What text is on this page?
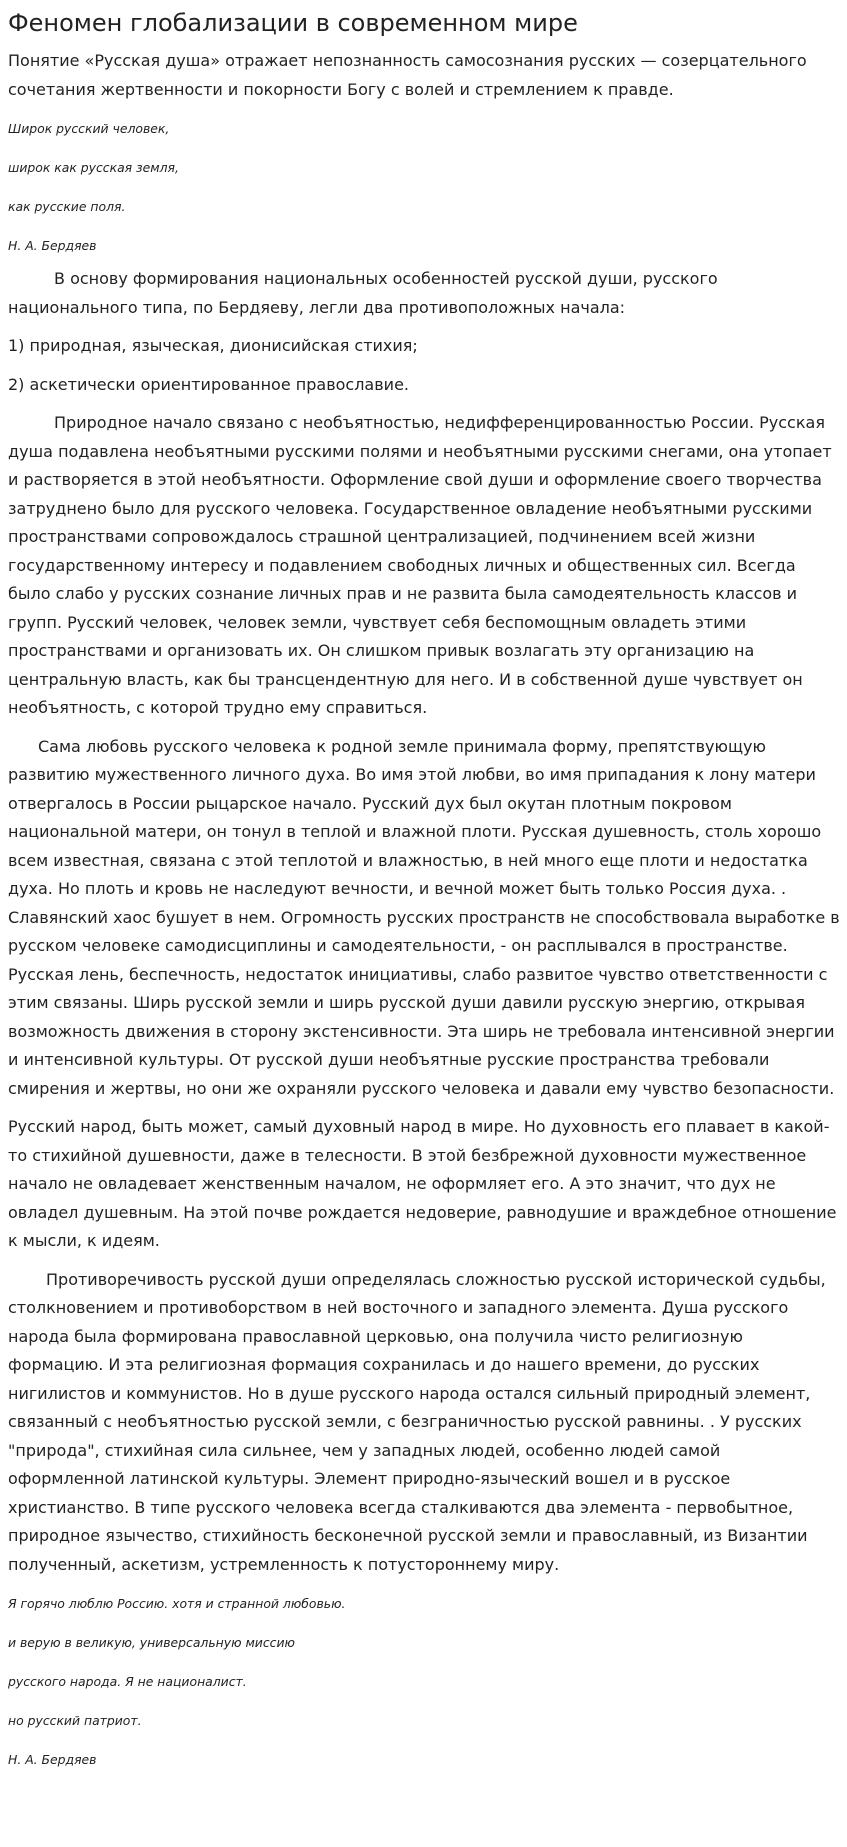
Феномен глобализации в современном мире

Понятие «Русская душа» отражает непознанность самосознания русских — созерцательного сочетания жертвенности и покорности Богу с волей и стремлением к правде.

Широк русский человек,

широк как русская земля,

как русские поля.

Н. А. Бердяев

В основу формирования национальных особенностей русской души, русского национального типа, по Бердяеву, легли два противоположных начала:

1) природная, языческая, дионисийская стихия;

2) аскетически ориентированное православие.

Природное начало связано с необъятностью, недифференцированностью России. Русская душа подавлена необъятными русскими полями и необъятными русскими снегами, она утопает и растворяется в этой необъятности. Оформление свой души и оформление своего творчества затруднено было для русского человека. Государственное овладение необъятными русскими пространствами сопровождалось страшной централизацией, подчинением всей жизни государственному интересу и подавлением свободных личных и общественных сил. Всегда было слабо у русских сознание личных прав и не развита была самодеятельность классов и групп. Русский человек, человек земли, чувствует себя беспомощным овладеть этими пространствами и организовать их. Он слишком привык возлагать эту организацию на центральную власть, как бы трансцендентную для него. И в собственной душе чувствует он необъятность, с которой трудно ему справиться.

Сама любовь русского человека к родной земле принимала форму, препятствующую развитию мужественного личного духа. Во имя этой любви, во имя припадания к лону матери отвергалось в России рыцарское начало. Русский дух был окутан плотным покровом национальной матери, он тонул в теплой и влажной плоти. Русская душевность, столь хорошо всем известная, связана с этой теплотой и влажностью, в ней много еще плоти и недостатка духа. Но плоть и кровь не наследуют вечности, и вечной может быть только Россия духа. . Славянский хаос бушует в нем. Огромность русских пространств не способствовала выработке в русском человеке самодисциплины и самодеятельности, - он расплывался в пространстве. Русская лень, беспечность, недостаток инициативы, слабо развитое чувство ответственности с этим связаны. Ширь русской земли и ширь русской души давили русскую энергию, открывая возможность движения в сторону экстенсивности. Эта ширь не требовала интенсивной энергии и интенсивной культуры. От русской души необъятные русские пространства требовали смирения и жертвы, но они же охраняли русского человека и давали ему чувство безопасности.

Русский народ, быть может, самый духовный народ в мире. Но духовность его плавает в какой-то стихийной душевности, даже в телесности. В этой безбрежной духовности мужественное начало не овладевает женственным началом, не оформляет его. А это значит, что дух не овладел душевным. На этой почве рождается недоверие, равнодушие и враждебное отношение к мысли, к идеям.

Противоречивость русской души определялась сложностью русской исторической судьбы, столкновением и противоборством в ней восточного и западного элемента. Душа русского народа была формирована православной церковью, она получила чисто религиозную формацию. И эта религиозная формация сохранилась и до нашего времени, до русских нигилистов и коммунистов. Но в душе русского народа остался сильный природный элемент, связанный с необъятностью русской земли, с безграничностью русской равнины. . У русских "природа", стихийная сила сильнее, чем у западных людей, особенно людей самой оформленной латинской культуры. Элемент природно-языческий вошел и в русское христианство. В типе русского человека всегда сталкиваются два элемента - первобытное, природное язычество, стихийность бесконечной русской земли и православный, из Византии полученный, аскетизм, устремленность к потустороннему миру.

Я горячо люблю Россию. хотя и странной любовью.

и верую в великую, универсальную миссию

русского народа. Я не националист.

но русский патриот.

Н. А. Бердяев
